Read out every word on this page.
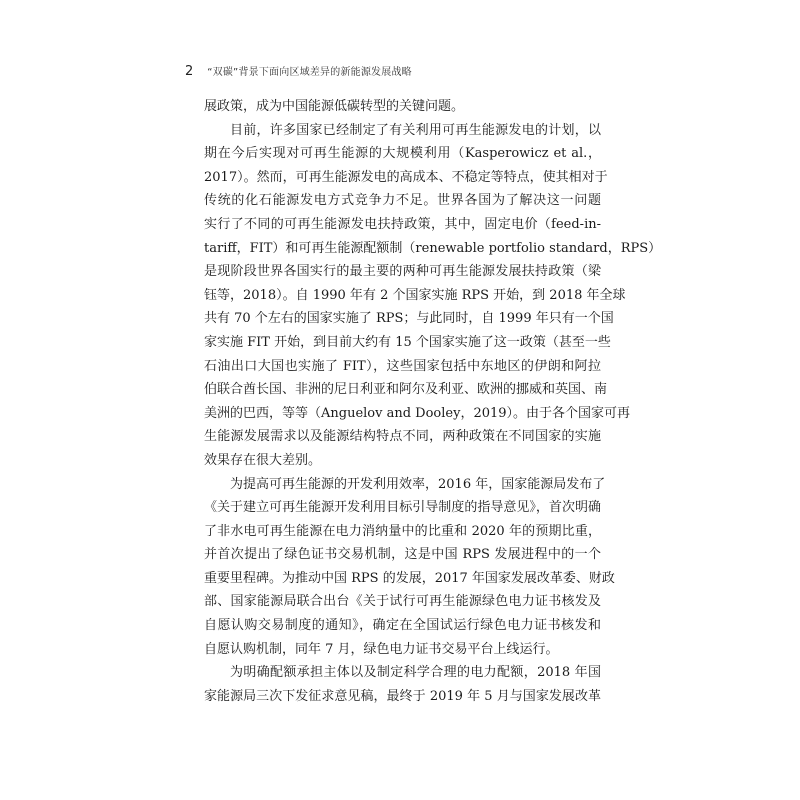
2 “双碳”背景下面向区域差异的新能源发展战略
展政策，成为中国能源低碳转型的关键问题。
目前，许多国家已经制定了有关利用可再生能源发电的计划，以
期在今后实现对可再生能源的大规模利用（Kasperowicz et al.，
2017）。然而，可再生能源发电的高成本、不稳定等特点，使其相对于
传统的化石能源发电方式竞争力不足。世界各国为了解决这一问题
实行了不同的可再生能源发电扶持政策，其中，固定电价（feed-in-
tariff，FIT）和可再生能源配额制（renewable portfolio standard，RPS）
是现阶段世界各国实行的最主要的两种可再生能源发展扶持政策（梁
钰等，2018）。自 1990 年有 2 个国家实施 RPS 开始，到 2018 年全球
共有 70 个左右的国家实施了 RPS；与此同时，自 1999 年只有一个国
家实施 FIT 开始，到目前大约有 15 个国家实施了这一政策（甚至一些
石油出口大国也实施了 FIT），这些国家包括中东地区的伊朗和阿拉
伯联合酋长国、非洲的尼日利亚和阿尔及利亚、欧洲的挪威和英国、南
美洲的巴西，等等（Anguelov and Dooley，2019）。由于各个国家可再
生能源发展需求以及能源结构特点不同，两种政策在不同国家的实施
效果存在很大差别。
为提高可再生能源的开发利用效率，2016 年，国家能源局发布了
《关于建立可再生能源开发利用目标引导制度的指导意见》，首次明确
了非水电可再生能源在电力消纳量中的比重和 2020 年的预期比重，
并首次提出了绿色证书交易机制，这是中国 RPS 发展进程中的一个
重要里程碑。为推动中国 RPS 的发展，2017 年国家发展改革委、财政
部、国家能源局联合出台《关于试行可再生能源绿色电力证书核发及
自愿认购交易制度的通知》，确定在全国试运行绿色电力证书核发和
自愿认购机制，同年 7 月，绿色电力证书交易平台上线运行。
为明确配额承担主体以及制定科学合理的电力配额，2018 年国
家能源局三次下发征求意见稿，最终于 2019 年 5 月与国家发展改革
